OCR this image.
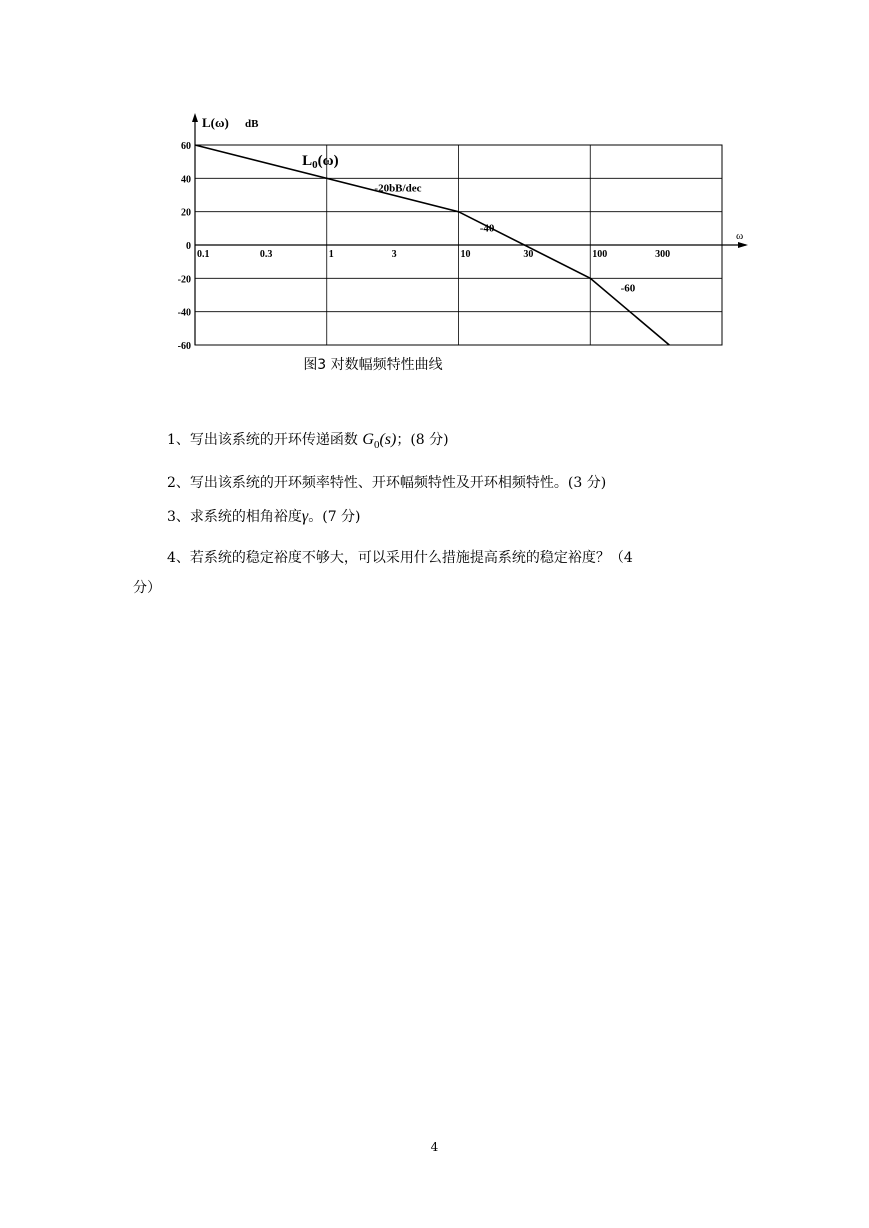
60
40
20
0
-20
-40
-60
0.1	0.3	1	3	10	30	100	300
L(ω) dB
ω
$L_0(\omega)$
-20bB/dec
-40
-60
图3 对数幅频特性曲线
1、写出该系统的开环传递函数 $G_0(s)$；(8 分)
2、写出该系统的开环频率特性、开环幅频特性及开环相频特性。(3 分)
3、求系统的相角裕度γ。(7 分)
4、若系统的稳定裕度不够大，可以采用什么措施提高系统的稳定裕度？（4
分）
4
